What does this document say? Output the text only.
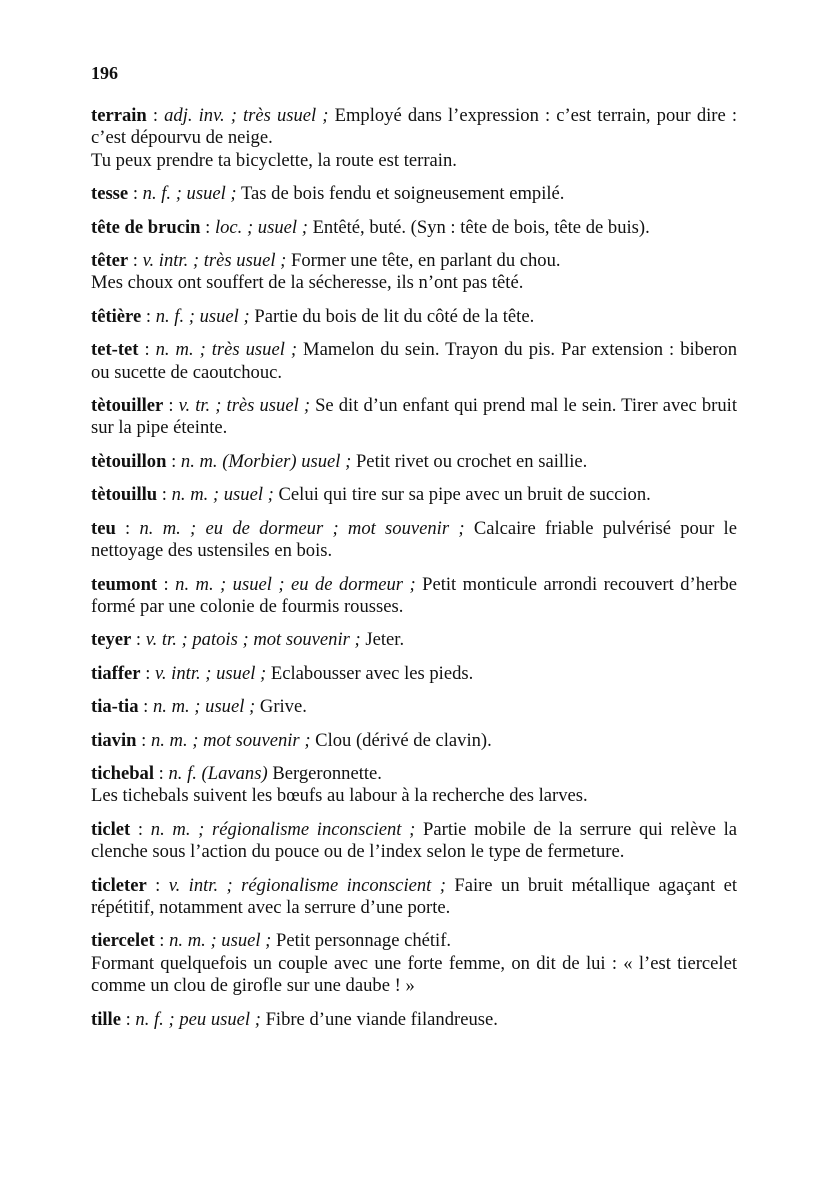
196

terrain : adj. inv. ; très usuel ; Employé dans l’expression : c’est terrain, pour dire : c’est dépourvu de neige.

Tu peux prendre ta bicyclette, la route est terrain.

tesse : n. f. ; usuel ; Tas de bois fendu et soigneusement empilé.

tête de brucin : loc. ; usuel ; Entêté, buté. (Syn : tête de bois, tête de buis).

têter : v. intr. ; très usuel ; Former une tête, en parlant du chou.

Mes choux ont souffert de la sécheresse, ils n’ont pas têté.

têtière : n. f. ; usuel ; Partie du bois de lit du côté de la tête.

tet-tet : n. m. ; très usuel ; Mamelon du sein. Trayon du pis. Par extension : biberon ou sucette de caoutchouc.

tètouiller : v. tr. ; très usuel ; Se dit d’un enfant qui prend mal le sein. Tirer avec bruit sur la pipe éteinte.

tètouillon : n. m. (Morbier) usuel ; Petit rivet ou crochet en saillie.

tètouillu : n. m. ; usuel ; Celui qui tire sur sa pipe avec un bruit de succion.

teu : n. m. ; eu de dormeur ; mot souvenir ; Calcaire friable pulvérisé pour le nettoyage des ustensiles en bois.

teumont : n. m. ; usuel ; eu de dormeur ; Petit monticule arrondi recouvert d’herbe formé par une colonie de fourmis rousses.

teyer : v. tr. ; patois ; mot souvenir ; Jeter.

tiaffer : v. intr. ; usuel ; Eclabousser avec les pieds.

tia-tia : n. m. ; usuel ; Grive.

tiavin : n. m. ; mot souvenir ; Clou (dérivé de clavin).

tichebal : n. f. (Lavans) Bergeronnette.

Les tichebals suivent les bœufs au labour à la recherche des larves.

ticlet : n. m. ; régionalisme inconscient ; Partie mobile de la serrure qui relève la clenche sous l’action du pouce ou de l’index selon le type de fermeture.

ticleter : v. intr. ; régionalisme inconscient ; Faire un bruit métallique agaçant et répétitif, notamment avec la serrure d’une porte.

tiercelet : n. m. ; usuel ; Petit personnage chétif.

Formant quelquefois un couple avec une forte femme, on dit de lui : « l’est tiercelet comme un clou de girofle sur une daube ! »

tille : n. f. ; peu usuel ; Fibre d’une viande filandreuse.
